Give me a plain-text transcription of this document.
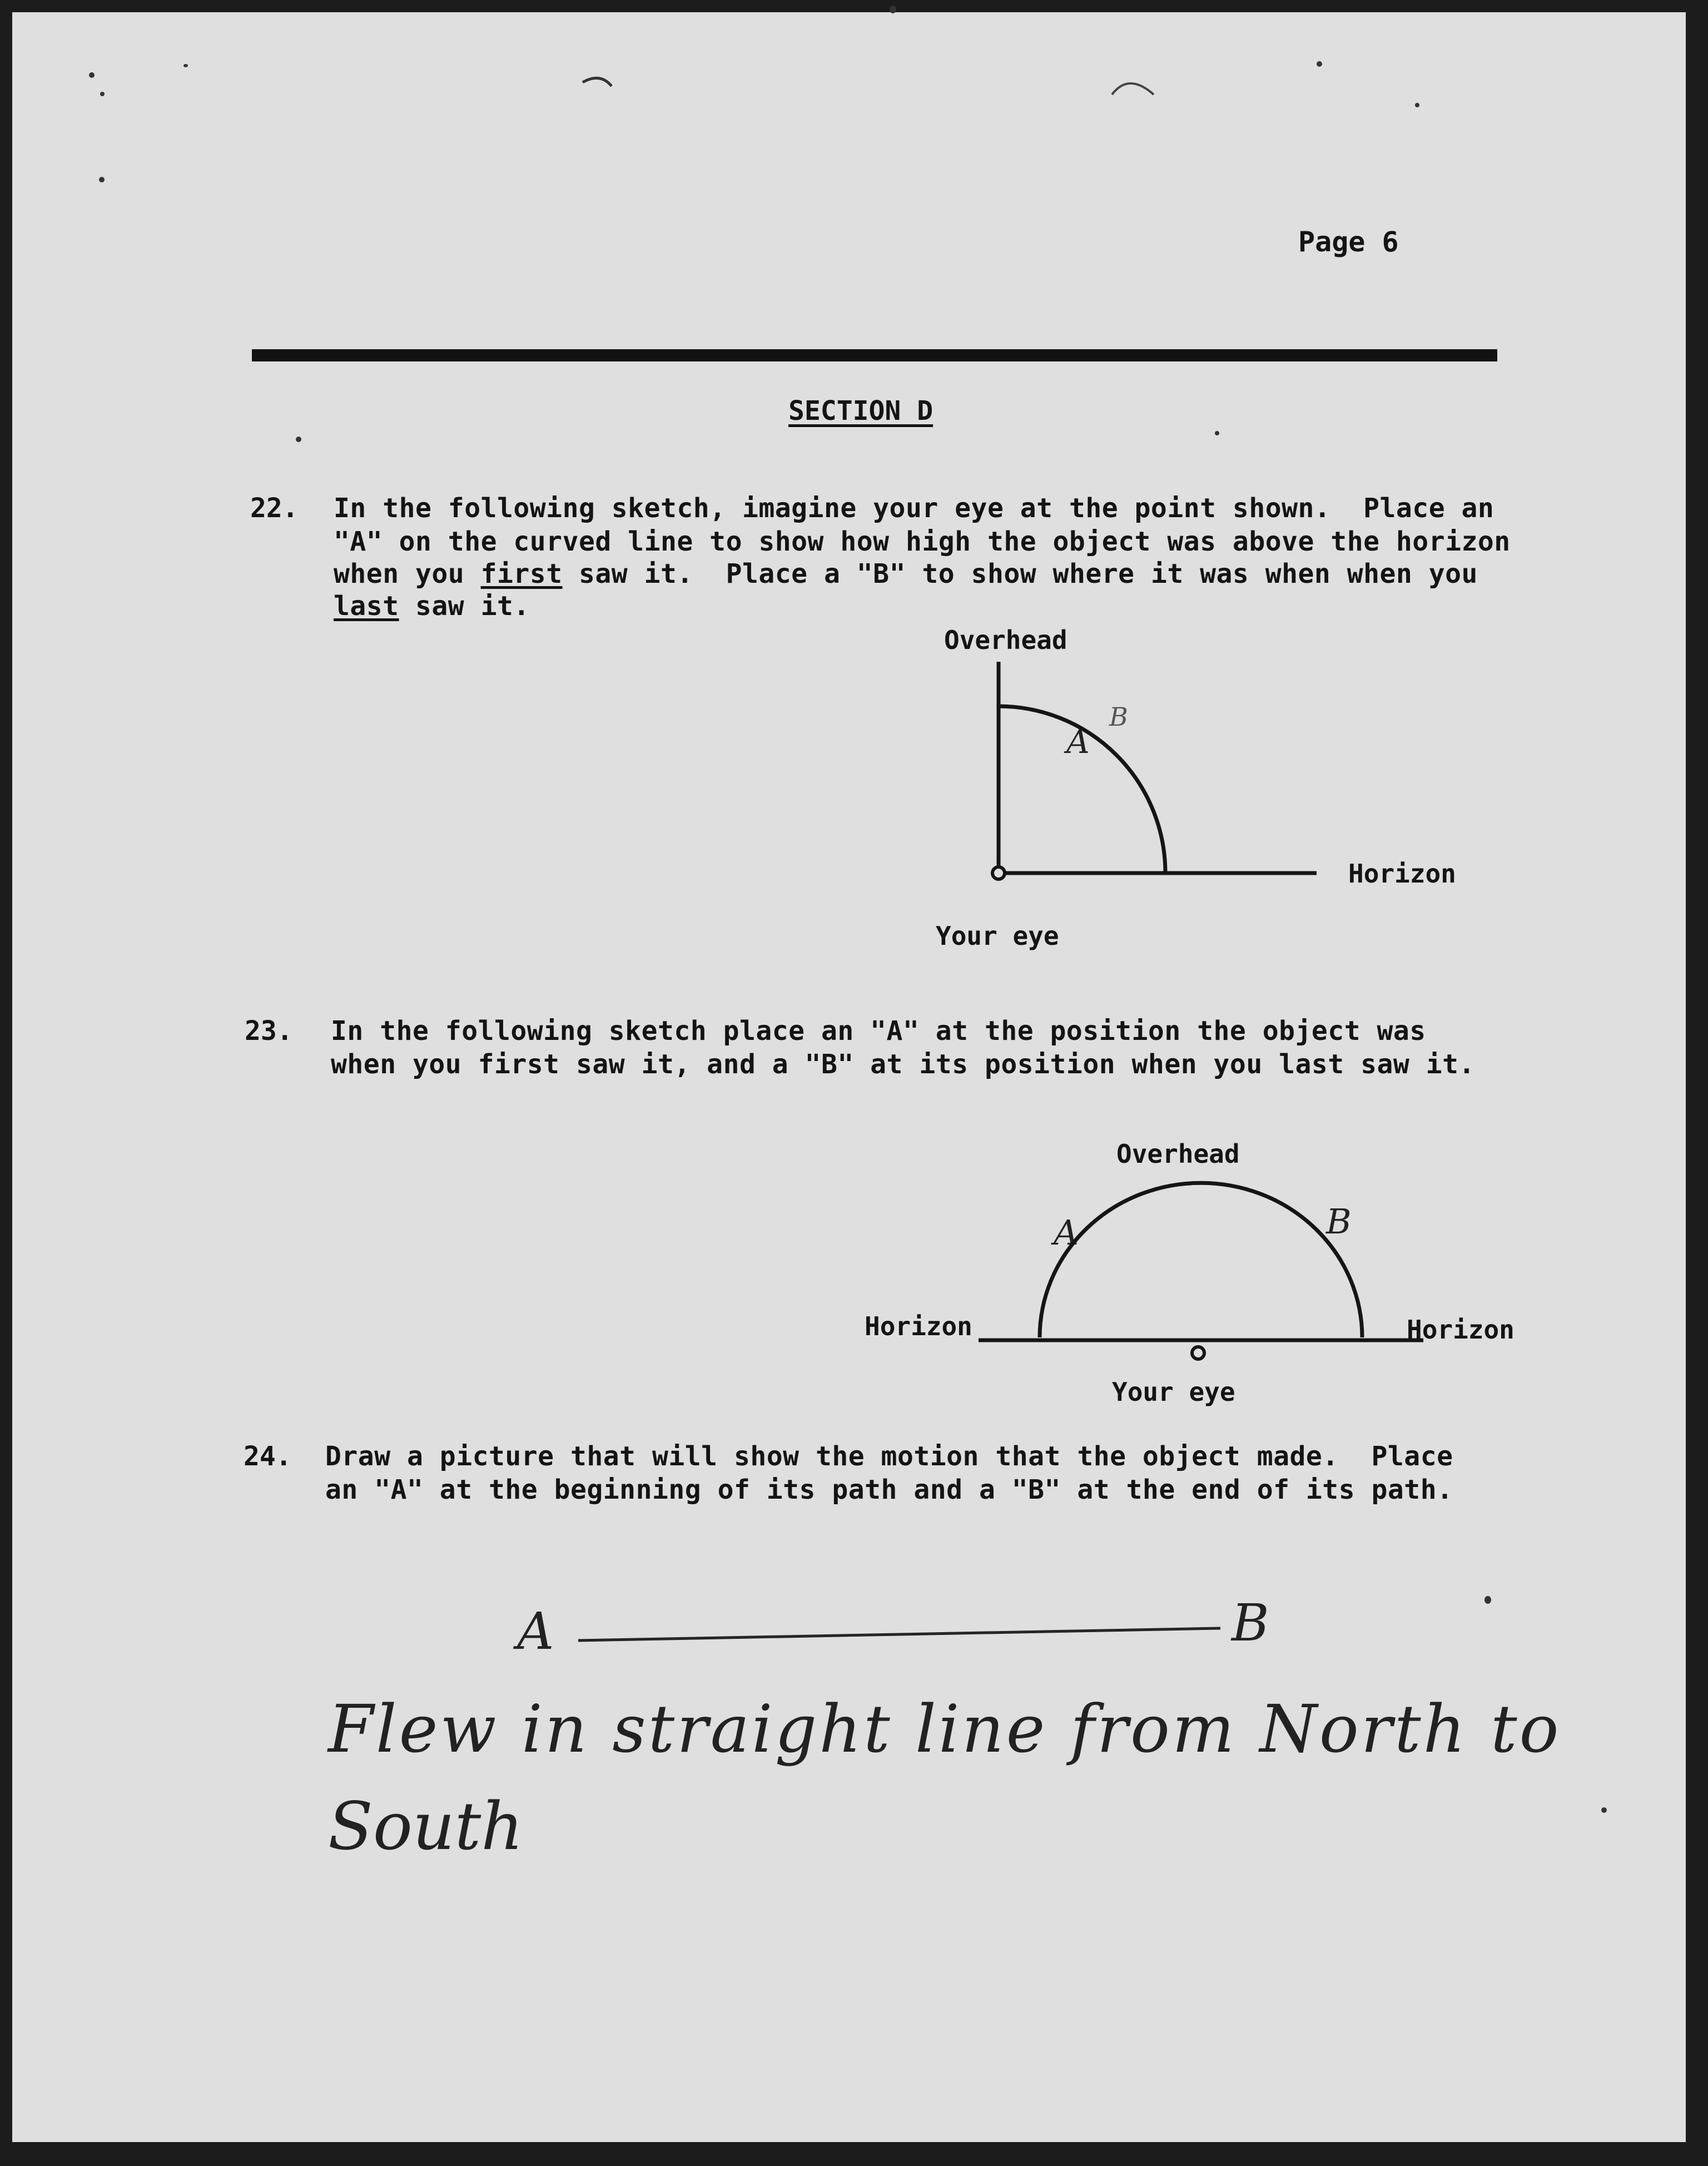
Page 6
SECTION D
22. In the following sketch, imagine your eye at the point shown.  Place an
"A" on the curved line to show how high the object was above the horizon
when you first saw it.  Place a "B" to show where it was when when you
last saw it.
Overhead
Horizon
Your eye
A
B
23. In the following sketch place an "A" at the position the object was
when you first saw it, and a "B" at its position when you last saw it.
Overhead
Horizon	Horizon
Your eye
A	B
24. Draw a picture that will show the motion that the object made.  Place
an "A" at the beginning of its path and a "B" at the end of its path.
A	B
Flew in straight line from North to
South
